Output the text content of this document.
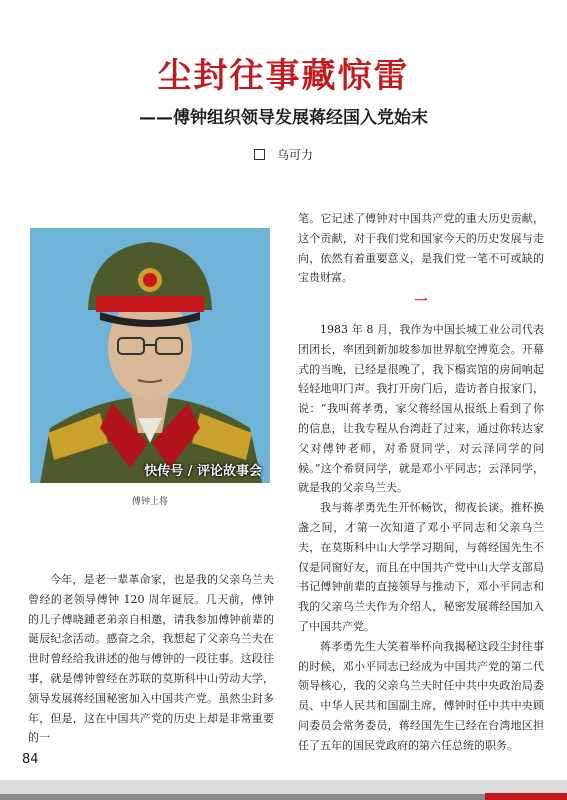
尘封往事藏惊雷
——傅钟组织领导发展蒋经国入党始末
乌可力
快传号 / 评论故事会
傅钟上将

今年，是老一辈革命家，也是我的父亲乌兰夫曾经的老领导傅钟 120 周年诞辰。几天前，傅钟的儿子傅晓鍾老弟亲自相邀，请我参加傅钟前辈的诞辰纪念活动。感奋之余，我想起了父亲乌兰夫在世时曾经给我讲述的他与傅钟的一段往事。这段往事，就是傅钟曾经在苏联的莫斯科中山劳动大学， 领导发展蒋经国秘密加入中国共产党。虽然尘封多年，但是，这在中国共产党的历史上却是非常重要的一

笔。它记述了傅钟对中国共产党的重大历史贡献，这个贡献，对于我们党和国家今天的历史发展与走向，依然有着重要意义，是我们党一笔不可或缺的宝贵财富。

一

1983 年 8 月，我作为中国长城工业公司代表团团长，率团到新加坡参加世界航空博览会。开幕式的当晚，已经是很晚了，我下榻宾馆的房间响起轻轻地叩门声。我打开房门后，造访者自报家门，说：“我叫蒋孝勇，家父蒋经国从报纸上看到了你的信息，让我专程从台湾赶了过来，通过你转达家父对傅钟老师，对希贤同学，对云泽同学的问候。”这个希贤同学，就是邓小平同志；云泽同学，就是我的父亲乌兰夫。

我与蒋孝勇先生开怀畅饮，彻夜长谈。推杯换盏之间，才第一次知道了邓小平同志和父亲乌兰夫，在莫斯科中山大学学习期间，与蒋经国先生不仅是同窗好友，而且在中国共产党中山大学支部局书记傅钟前辈的直接领导与推动下，邓小平同志和我的父亲乌兰夫作为介绍人，秘密发展蒋经国加入了中国共产党。

蒋孝勇先生大笑着举杯向我揭秘这段尘封往事的时候，邓小平同志已经成为中国共产党的第二代领导核心，我的父亲乌兰夫时任中共中央政治局委员、中华人民共和国副主席，傅钟时任中共中央顾问委员会常务委员，蒋经国先生已经在台湾地区担任了五年的国民党政府的第六任总统的职务。

84
